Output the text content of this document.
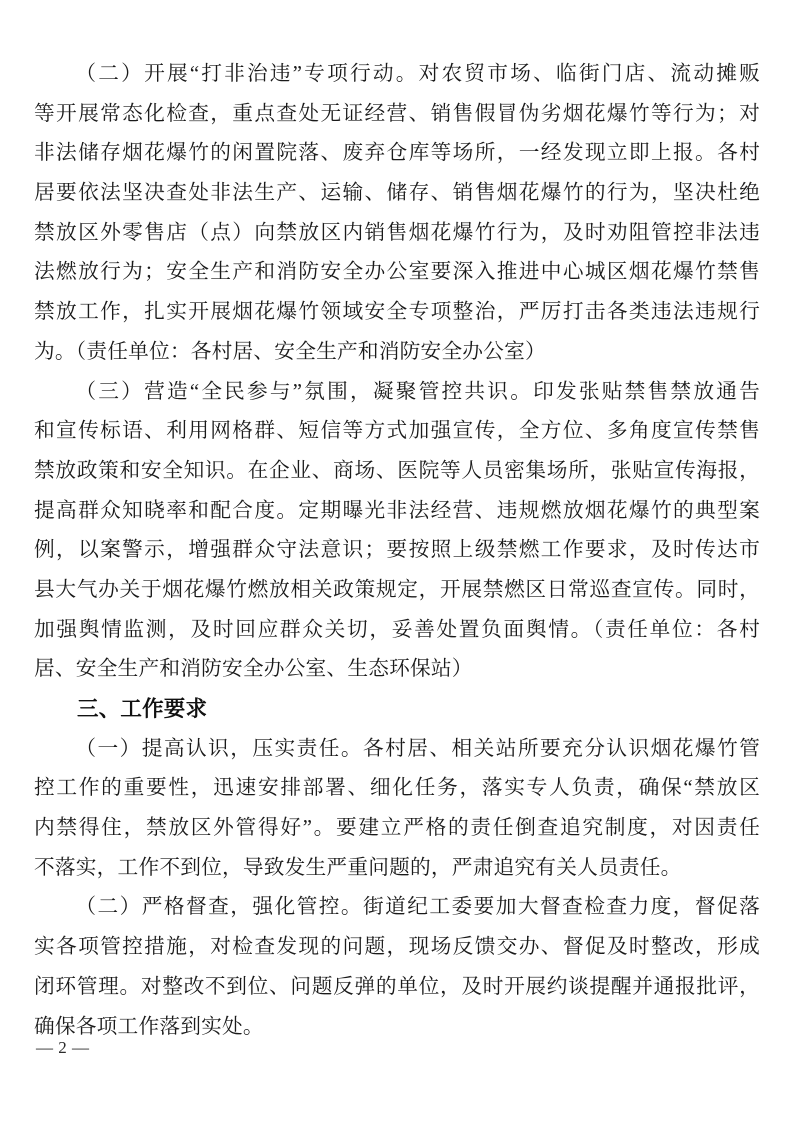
（二）开展“打非治违”专项行动。对农贸市场、临街门店、流动摊贩
等开展常态化检查，重点查处无证经营、销售假冒伪劣烟花爆竹等行为；对
非法储存烟花爆竹的闲置院落、废弃仓库等场所，一经发现立即上报。各村
居要依法坚决查处非法生产、运输、储存、销售烟花爆竹的行为，坚决杜绝
禁放区外零售店（点）向禁放区内销售烟花爆竹行为，及时劝阻管控非法违
法燃放行为；安全生产和消防安全办公室要深入推进中心城区烟花爆竹禁售
禁放工作，扎实开展烟花爆竹领域安全专项整治，严厉打击各类违法违规行
为。（责任单位：各村居、安全生产和消防安全办公室）
（三）营造“全民参与”氛围，凝聚管控共识。印发张贴禁售禁放通告
和宣传标语、利用网格群、短信等方式加强宣传，全方位、多角度宣传禁售
禁放政策和安全知识。在企业、商场、医院等人员密集场所，张贴宣传海报，
提高群众知晓率和配合度。定期曝光非法经营、违规燃放烟花爆竹的典型案
例，以案警示，增强群众守法意识；要按照上级禁燃工作要求，及时传达市
县大气办关于烟花爆竹燃放相关政策规定，开展禁燃区日常巡查宣传。同时，
加强舆情监测，及时回应群众关切，妥善处置负面舆情。（责任单位：各村
居、安全生产和消防安全办公室、生态环保站）
三、工作要求
（一）提高认识，压实责任。各村居、相关站所要充分认识烟花爆竹管
控工作的重要性，迅速安排部署、细化任务，落实专人负责，确保“禁放区
内禁得住，禁放区外管得好”。要建立严格的责任倒查追究制度，对因责任
不落实，工作不到位，导致发生严重问题的，严肃追究有关人员责任。
（二）严格督查，强化管控。街道纪工委要加大督查检查力度，督促落
实各项管控措施，对检查发现的问题，现场反馈交办、督促及时整改，形成
闭环管理。对整改不到位、问题反弹的单位，及时开展约谈提醒并通报批评，
确保各项工作落到实处。
— 2 —
